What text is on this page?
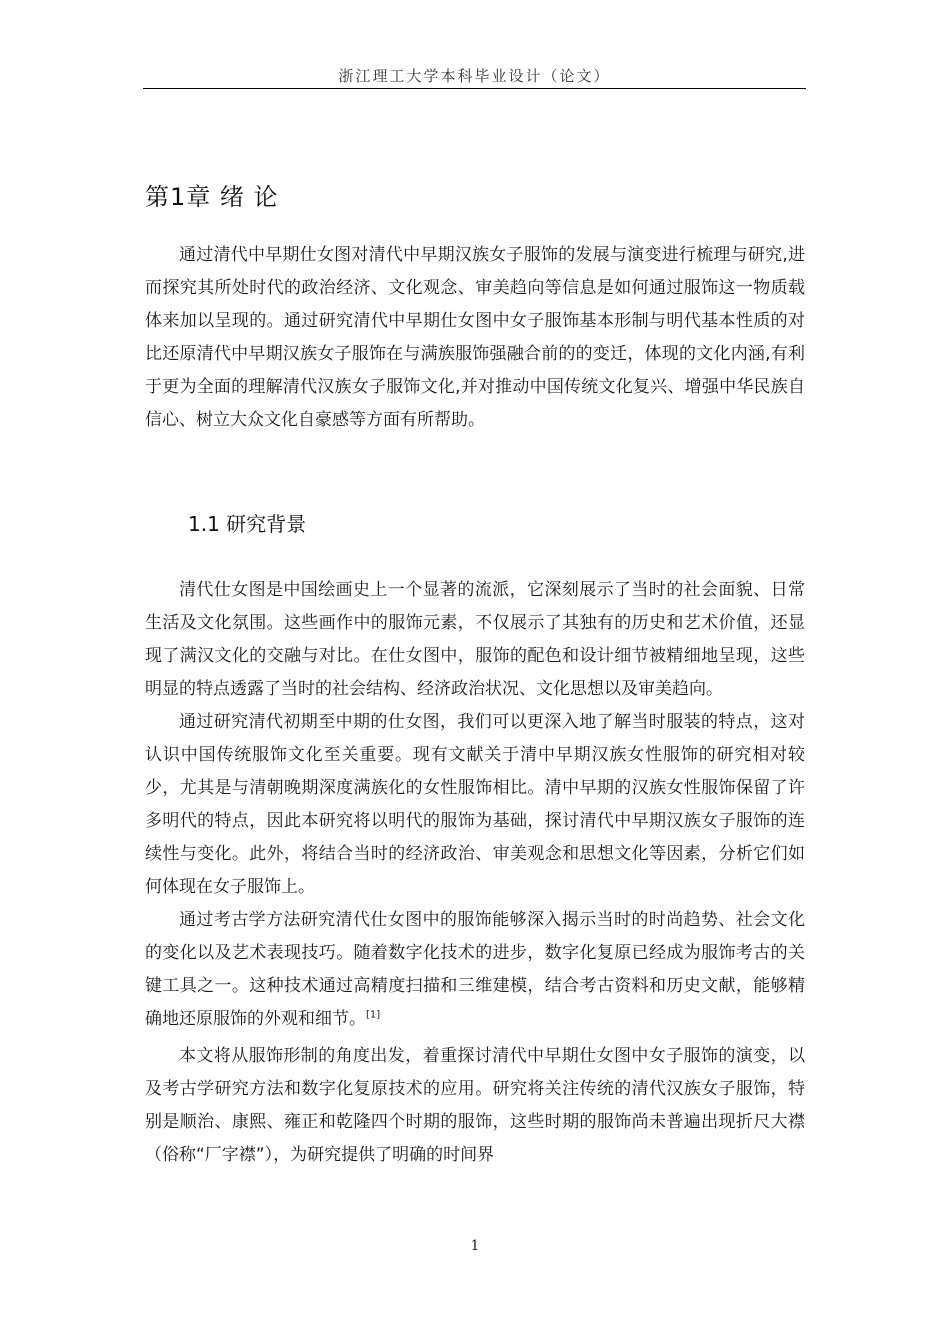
浙江理工大学本科毕业设计（论文）
第1章 绪 论

通过清代中早期仕女图对清代中早期汉族女子服饰的发展与演变进行梳理与研究,进而探究其所处时代的政治经济、文化观念、审美趋向等信息是如何通过服饰这一物质载体来加以呈现的。通过研究清代中早期仕女图中女子服饰基本形制与明代基本性质的对比还原清代中早期汉族女子服饰在与满族服饰强融合前的的变迁，体现的文化内涵,有利于更为全面的理解清代汉族女子服饰文化,并对推动中国传统文化复兴、增强中华民族自信心、树立大众文化自豪感等方面有所帮助。

1.1 研究背景

清代仕女图是中国绘画史上一个显著的流派，它深刻展示了当时的社会面貌、日常生活及文化氛围。这些画作中的服饰元素，不仅展示了其独有的历史和艺术价值，还显现了满汉文化的交融与对比。在仕女图中，服饰的配色和设计细节被精细地呈现，这些明显的特点透露了当时的社会结构、经济政治状况、文化思想以及审美趋向。

通过研究清代初期至中期的仕女图，我们可以更深入地了解当时服装的特点，这对认识中国传统服饰文化至关重要。现有文献关于清中早期汉族女性服饰的研究相对较少，尤其是与清朝晚期深度满族化的女性服饰相比。清中早期的汉族女性服饰保留了许多明代的特点，因此本研究将以明代的服饰为基础，探讨清代中早期汉族女子服饰的连续性与变化。此外，将结合当时的经济政治、审美观念和思想文化等因素，分析它们如何体现在女子服饰上。

通过考古学方法研究清代仕女图中的服饰能够深入揭示当时的时尚趋势、社会文化的变化以及艺术表现技巧。随着数字化技术的进步，数字化复原已经成为服饰考古的关键工具之一。这种技术通过高精度扫描和三维建模，结合考古资料和历史文献，能够精确地还原服饰的外观和细节。[1]

本文将从服饰形制的角度出发，着重探讨清代中早期仕女图中女子服饰的演变，以及考古学研究方法和数字化复原技术的应用。研究将关注传统的清代汉族女子服饰，特别是顺治、康熙、雍正和乾隆四个时期的服饰，这些时期的服饰尚未普遍出现折尺大襟（俗称“厂字襟”），为研究提供了明确的时间界

1
